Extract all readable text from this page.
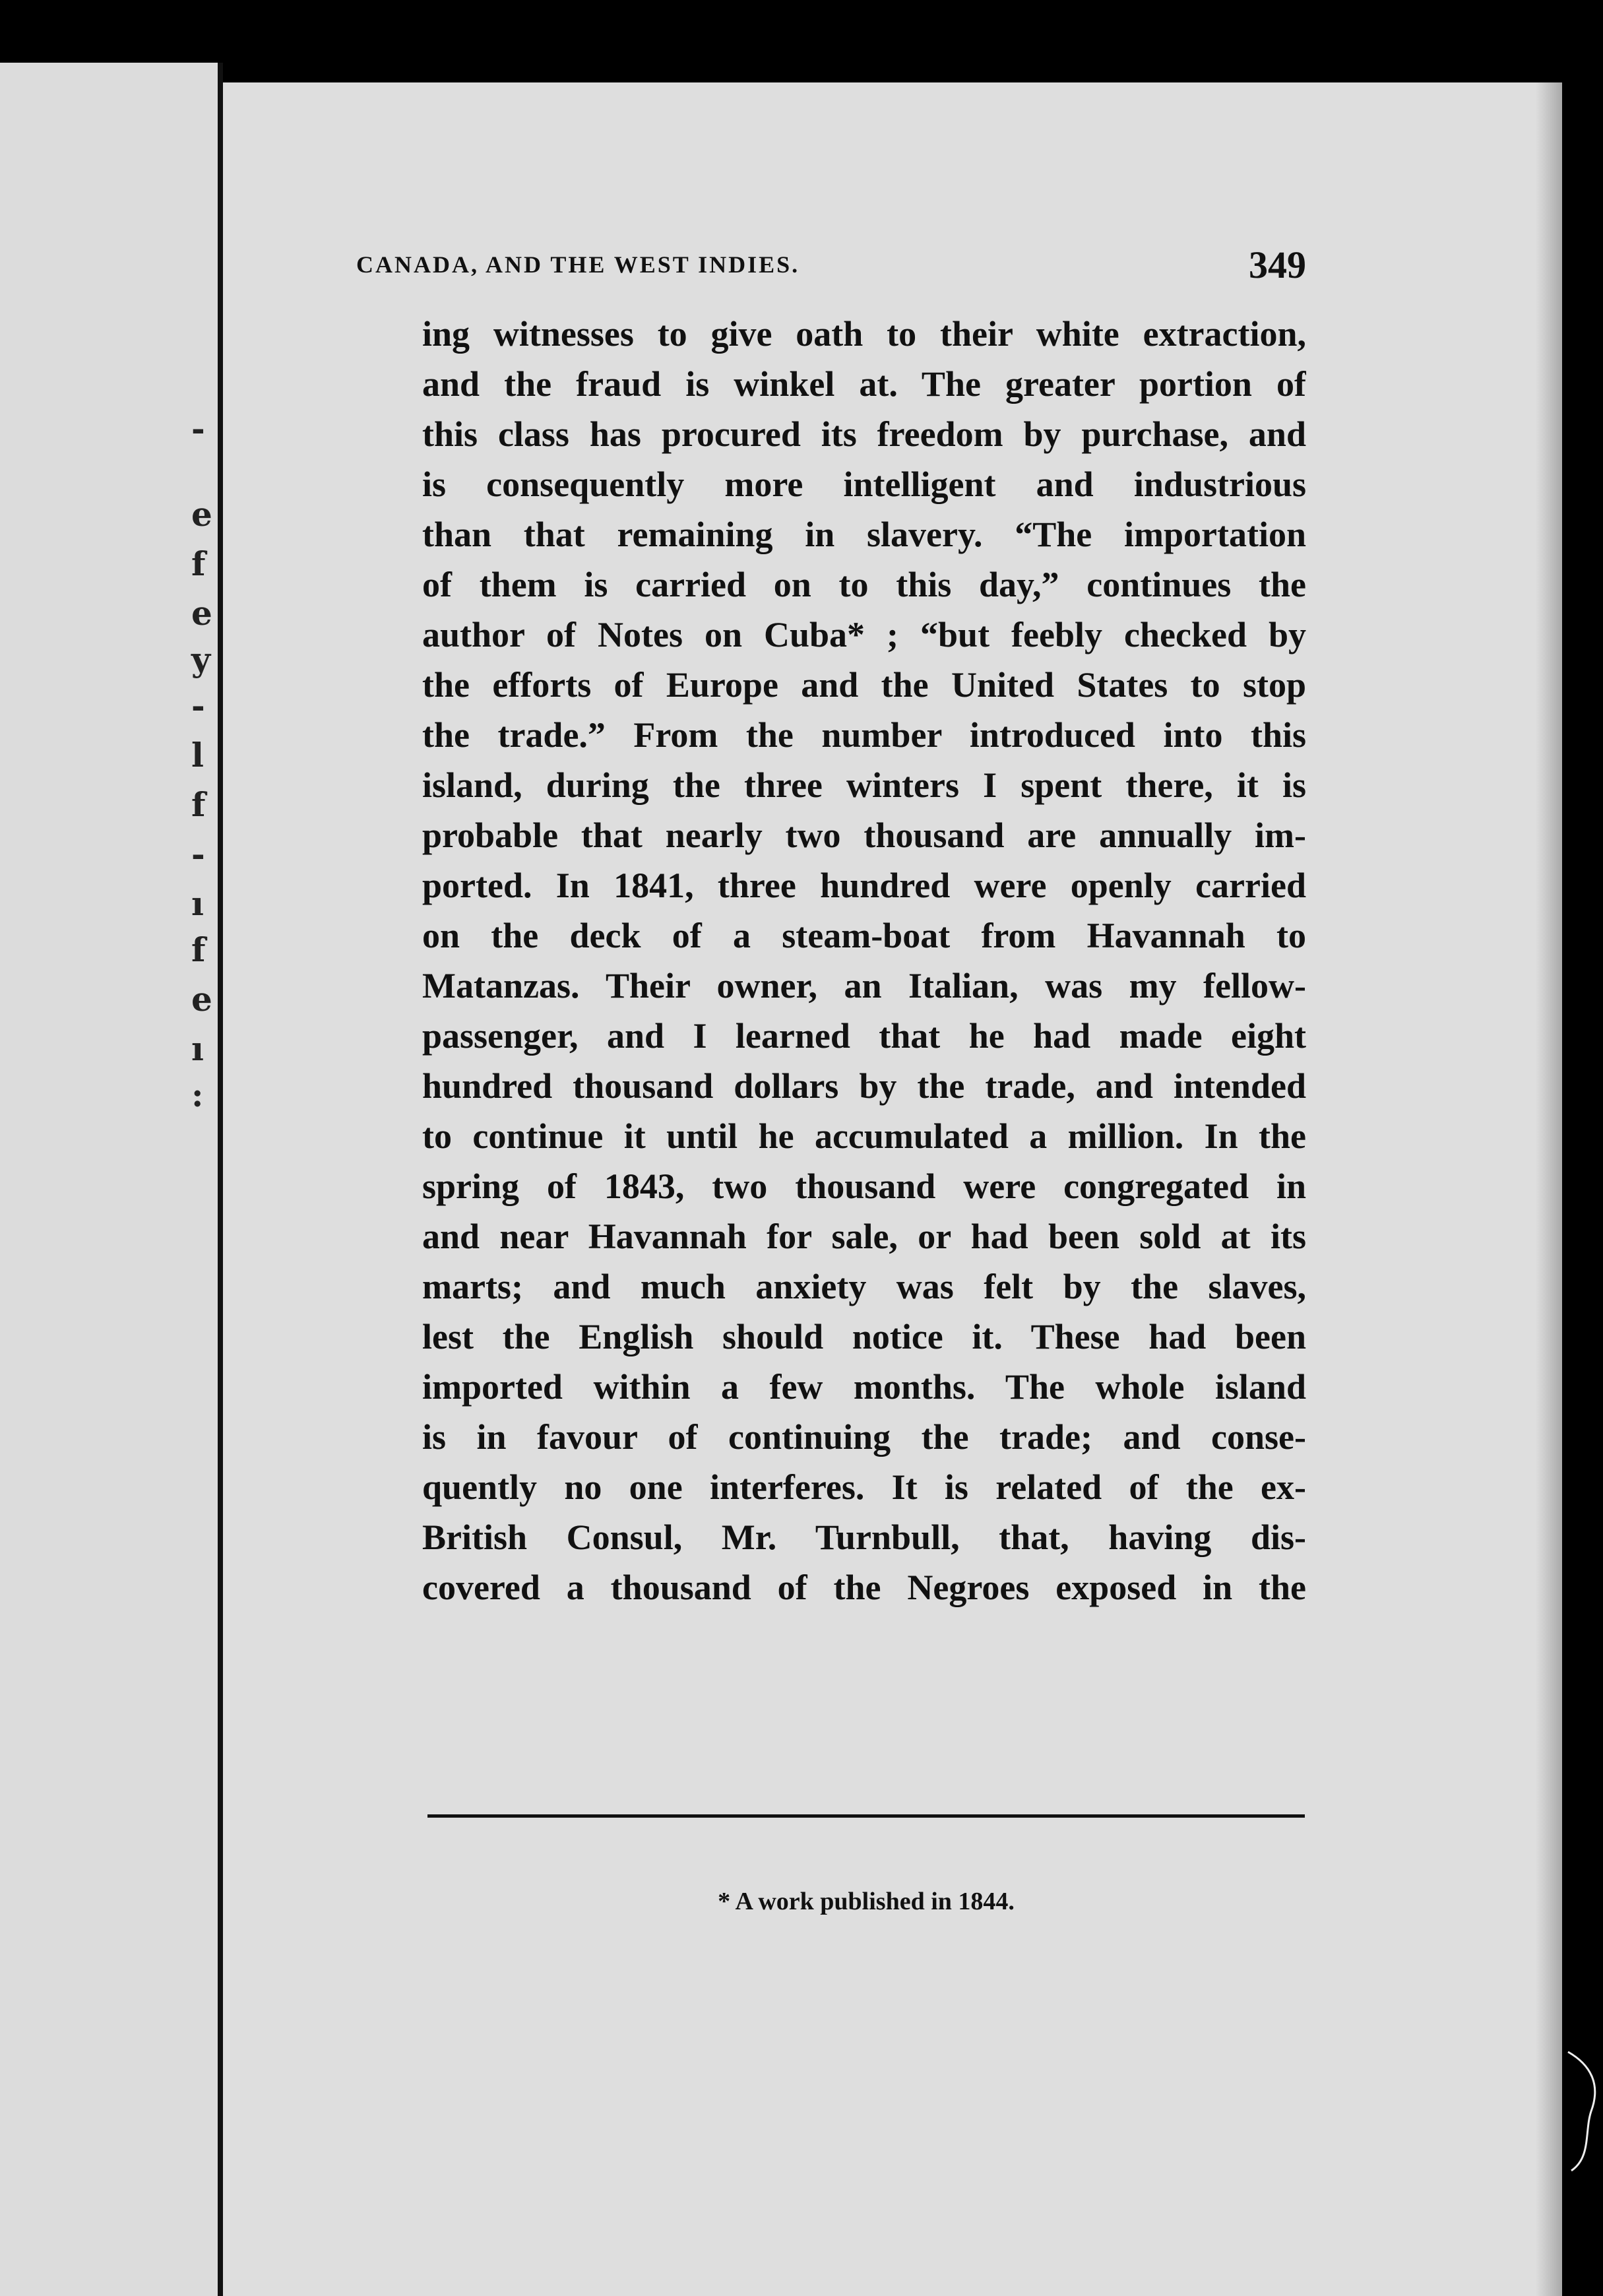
-
e
f
e
y
-
l
f
-
ı
f
e
ı
:
CANADA, AND THE WEST INDIES.	349
ing witnesses to give oath to their white extraction,
and the fraud is winkel at. The greater portion of
this class has procured its freedom by purchase, and
is consequently more intelligent and industrious
than that remaining in slavery. “The importation
of them is carried on to this day,” continues the
author of Notes on Cuba* ; “but feebly checked by
the efforts of Europe and the United States to stop
the trade.” From the number introduced into this
island, during the three winters I spent there, it is
probable that nearly two thousand are annually im-
ported. In 1841, three hundred were openly carried
on the deck of a steam-boat from Havannah to
Matanzas. Their owner, an Italian, was my fellow-
passenger, and I learned that he had made eight
hundred thousand dollars by the trade, and intended
to continue it until he accumulated a million. In the
spring of 1843, two thousand were congregated in
and near Havannah for sale, or had been sold at its
marts; and much anxiety was felt by the slaves,
lest the English should notice it. These had been
imported within a few months. The whole island
is in favour of continuing the trade; and conse-
quently no one interferes. It is related of the ex-
British Consul, Mr. Turnbull, that, having dis-
covered a thousand of the Negroes exposed in the
* A work published in 1844.
